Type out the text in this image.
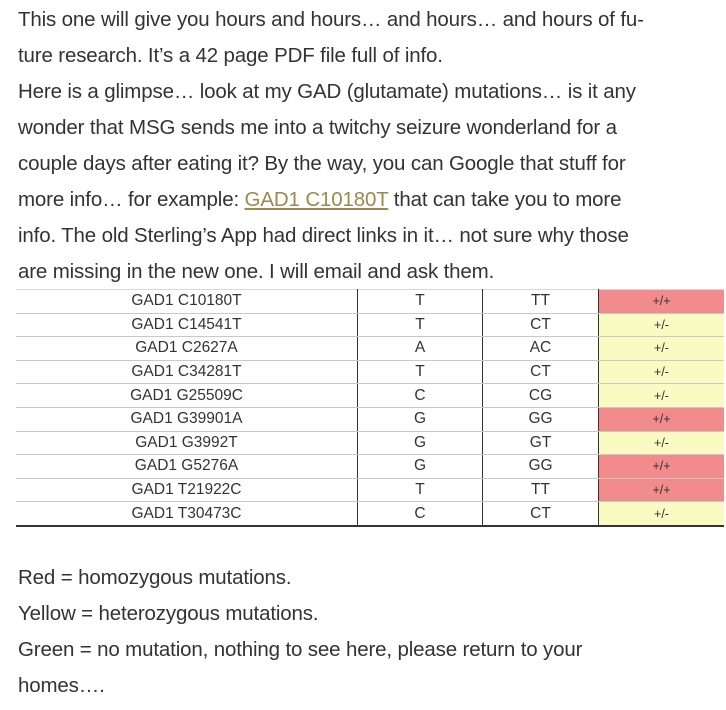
This one will give you hours and hours… and hours… and hours of fu-
ture research. It’s a 42 page PDF file full of info.

Here is a glimpse… look at my GAD (glutamate) mutations… is it any
wonder that MSG sends me into a twitchy seizure wonderland for a
couple days after eating it? By the way, you can Google that stuff for
more info… for example: GAD1 C10180T that can take you to more
info. The old Sterling’s App had direct links in it… not sure why those
are missing in the new one. I will email and ask them.

GAD1 C10180T	T	TT	+/+
GAD1 C14541T	T	CT	+/-
GAD1 C2627A	A	AC	+/-
GAD1 C34281T	T	CT	+/-
GAD1 G25509C	C	CG	+/-
GAD1 G39901A	G	GG	+/+
GAD1 G3992T	G	GT	+/-
GAD1 G5276A	G	GG	+/+
GAD1 T21922C	T	TT	+/+
GAD1 T30473C	C	CT	+/-

Red = homozygous mutations.
Yellow = heterozygous mutations.
Green = no mutation, nothing to see here, please return to your
homes….
